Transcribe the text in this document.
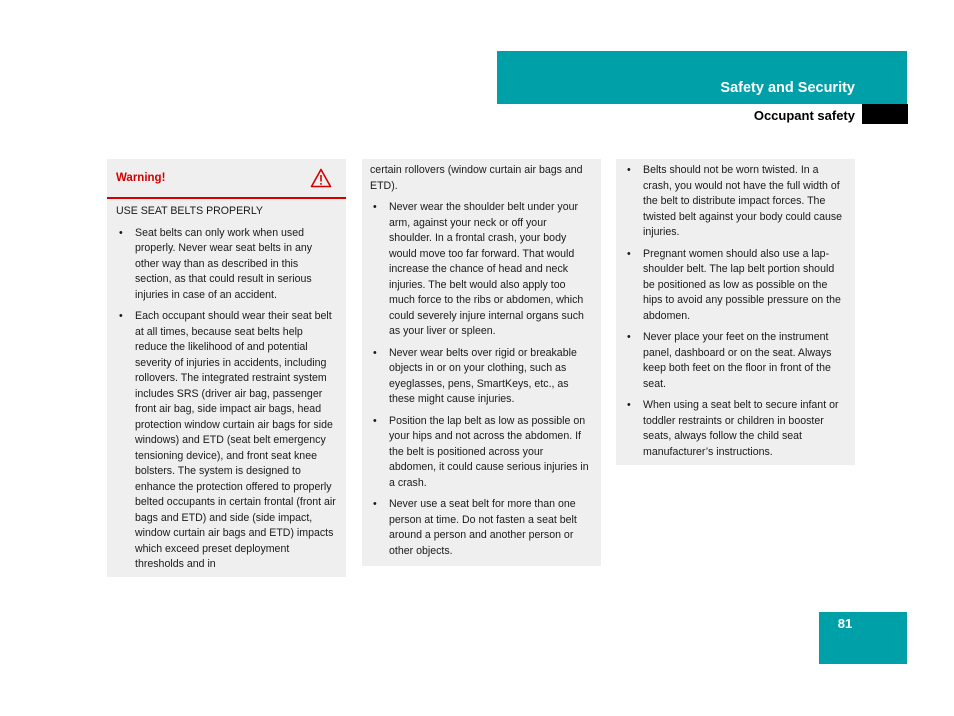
Safety and Security
Occupant safety
Warning!
USE SEAT BELTS PROPERLY
• Seat belts can only work when used properly. Never wear seat belts in any other way than as described in this section, as that could result in serious injuries in case of an accident.
• Each occupant should wear their seat belt at all times, because seat belts help reduce the likelihood of and potential severity of injuries in accidents, including rollovers. The integrated restraint system includes SRS (driver air bag, passenger front air bag, side impact air bags, head protection window curtain air bags for side windows) and ETD (seat belt emergency tensioning device), and front seat knee bolsters. The system is designed to enhance the protection offered to properly belted occupants in certain frontal (front air bags and ETD) and side (side impact, window curtain air bags and ETD) impacts which exceed preset deployment thresholds and in
certain rollovers (window curtain air bags and ETD).
• Never wear the shoulder belt under your arm, against your neck or off your shoulder. In a frontal crash, your body would move too far forward. That would increase the chance of head and neck injuries. The belt would also apply too much force to the ribs or abdomen, which could severely injure internal organs such as your liver or spleen.
• Never wear belts over rigid or breakable objects in or on your clothing, such as eyeglasses, pens, SmartKeys, etc., as these might cause injuries.
• Position the lap belt as low as possible on your hips and not across the abdomen. If the belt is positioned across your abdomen, it could cause serious injuries in a crash.
• Never use a seat belt for more than one person at time. Do not fasten a seat belt around a person and another person or other objects.
• Belts should not be worn twisted. In a crash, you would not have the full width of the belt to distribute impact forces. The twisted belt against your body could cause injuries.
• Pregnant women should also use a lap-shoulder belt. The lap belt portion should be positioned as low as possible on the hips to avoid any possible pressure on the abdomen.
• Never place your feet on the instrument panel, dashboard or on the seat. Always keep both feet on the floor in front of the seat.
• When using a seat belt to secure infant or toddler restraints or children in booster seats, always follow the child seat manufacturer’s instructions.
81
